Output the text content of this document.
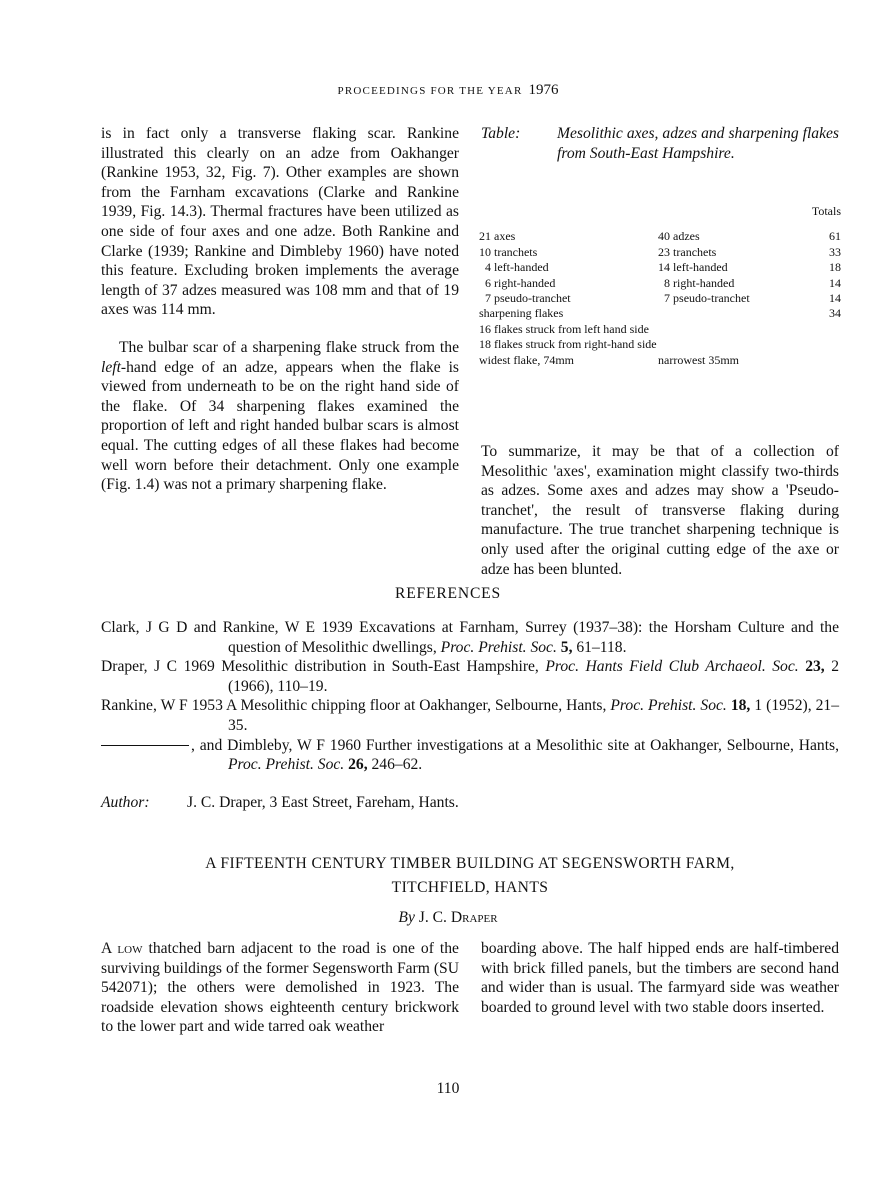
PROCEEDINGS FOR THE YEAR 1976

is in fact only a transverse flaking scar. Rankine illustrated this clearly on an adze from Oakhanger (Rankine 1953, 32, Fig. 7). Other examples are shown from the Farnham excavations (Clarke and Rankine 1939, Fig. 14.3). Thermal fractures have been utilized as one side of four axes and one adze. Both Rankine and Clarke (1939; Rankine and Dimbleby 1960) have noted this feature. Excluding broken implements the average length of 37 adzes measured was 108 mm and that of 19 axes was 114 mm.

The bulbar scar of a sharpening flake struck from the left-hand edge of an adze, appears when the flake is viewed from underneath to be on the right hand side of the flake. Of 34 sharpening flakes examined the proportion of left and right handed bulbar scars is almost equal. The cutting edges of all these flakes had become well worn before their detachment. Only one example (Fig. 1.4) was not a primary sharpening flake.

Table: Mesolithic axes, adzes and sharpening flakes from South-East Hampshire.
		Totals
21 axes	40 adzes	61
10 tranchets	23 tranchets	33
4 left-handed	14 left-handed	18
6 right-handed	8 right-handed	14
7 pseudo-tranchet	7 pseudo-tranchet	14
sharpening flakes		34
16 flakes struck from left hand side		
18 flakes struck from right-hand side		
widest flake, 74mm	narrowest 35mm	

To summarize, it may be that of a collection of Mesolithic 'axes', examination might classify two-thirds as adzes. Some axes and adzes may show a 'Pseudo-tranchet', the result of transverse flaking during manufacture. The true tranchet sharpening technique is only used after the original cutting edge of the axe or adze has been blunted.

REFERENCES

Clark, J G D and Rankine, W E 1939 Excavations at Farnham, Surrey (1937–38): the Horsham Culture and the question of Mesolithic dwellings, Proc. Prehist. Soc. 5, 61–118.

Draper, J C 1969 Mesolithic distribution in South-East Hampshire, Proc. Hants Field Club Archaeol. Soc. 23, 2 (1966), 110–19.

Rankine, W F 1953 A Mesolithic chipping floor at Oakhanger, Selbourne, Hants, Proc. Prehist. Soc. 18, 1 (1952), 21–35.

, and Dimbleby, W F 1960 Further investigations at a Mesolithic site at Oakhanger, Selbourne, Hants, Proc. Prehist. Soc. 26, 246–62.

Author: J. C. Draper, 3 East Street, Fareham, Hants.
A FIFTEENTH CENTURY TIMBER BUILDING AT SEGENSWORTH FARM,
TITCHFIELD, HANTS
By J. C. Draper

A low thatched barn adjacent to the road is one of the surviving buildings of the former Segensworth Farm (SU 542071); the others were demolished in 1923. The roadside elevation shows eighteenth century brickwork to the lower part and wide tarred oak weather

boarding above. The half hipped ends are half-timbered with brick filled panels, but the timbers are second hand and wider than is usual. The farmyard side was weather boarded to ground level with two stable doors inserted.

110
